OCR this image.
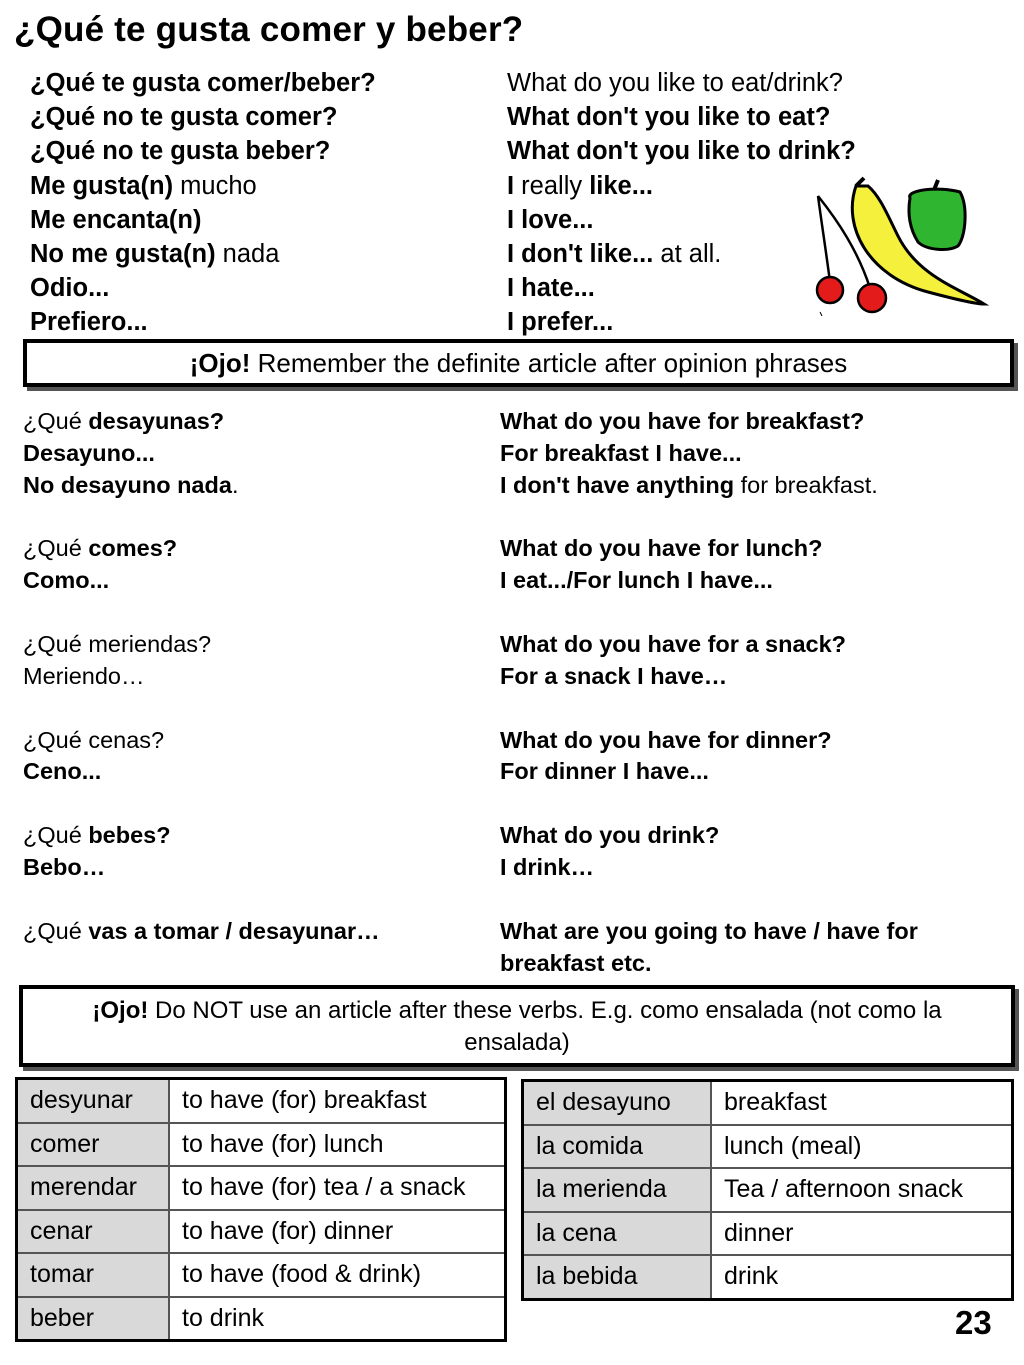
¿Qué te gusta comer y beber?
¿Qué te gusta comer/beber?	What do you like to eat/drink?
¿Qué no te gusta comer?	What don't you like to eat?
¿Qué no te gusta beber?	What don't you like to drink?
Me gusta(n) mucho	I really like...
Me encanta(n)	I love...
No me gusta(n) nada	I don't like... at all.
Odio...	I hate...
Prefiero...	I prefer...
¡Ojo! Remember the definite article after opinion phrases
¿Qué desayunas?	What do you have for breakfast?
Desayuno...	For breakfast I have...
No desayuno nada.	I don't have anything for breakfast.
¿Qué comes?	What do you have for lunch?
Como...	I eat.../For lunch I have...
¿Qué meriendas?	What do you have for a snack?
Meriendo…	For a snack I have…
¿Qué cenas?	What do you have for dinner?
Ceno...	For dinner I have...
¿Qué bebes?	What do you drink?
Bebo…	I drink…
¿Qué vas a tomar / desayunar…	What are you going to have / have for
breakfast etc.
¡Ojo! Do NOT use an article after these verbs. E.g. como ensalada (not como la ensalada)
desyunar	to have (for) breakfast
comer	to have (for) lunch
merendar	to have (for) tea / a snack
cenar	to have (for) dinner
tomar	to have (food & drink)
beber	to drink
el desayuno	breakfast
la comida	lunch (meal)
la merienda	Tea / afternoon snack
la cena	dinner
la bebida	drink
23
